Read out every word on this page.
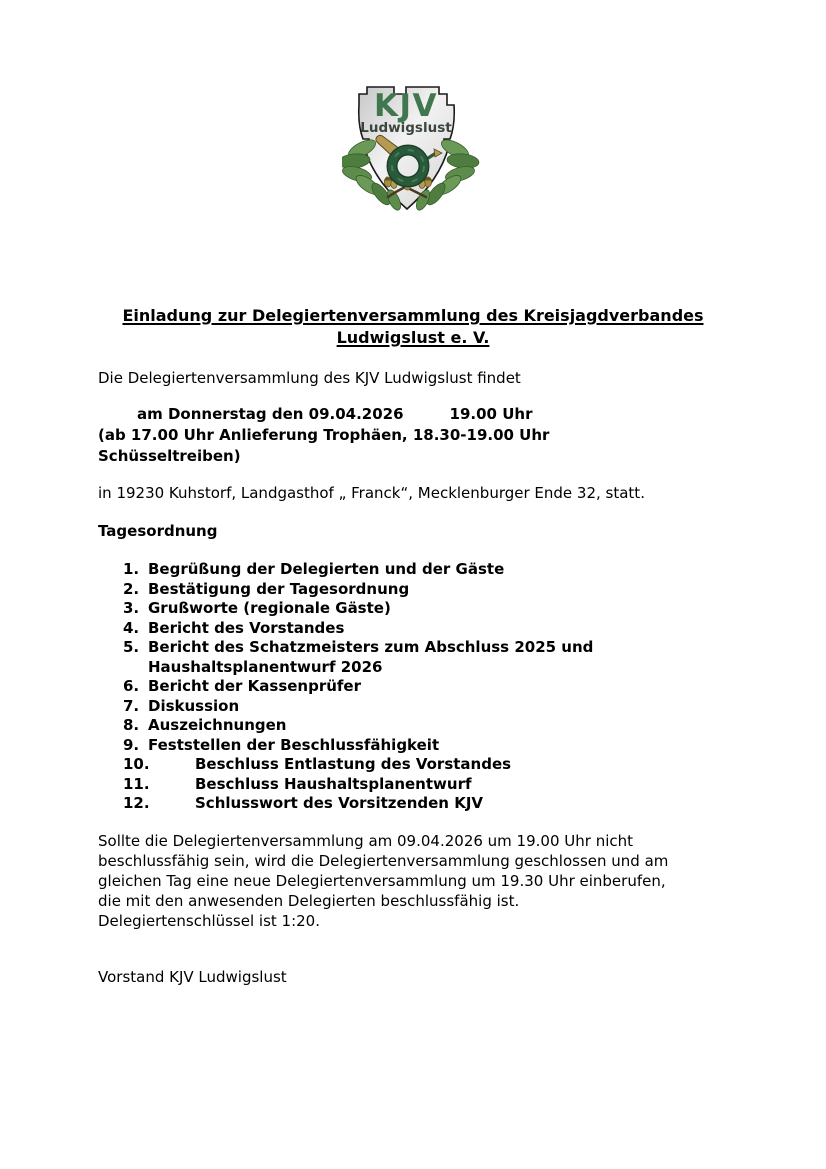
KJV
Ludwigslust
Einladung zur Delegiertenversammlung des Kreisjagdverbandes
Ludwigslust e. V.
Die Delegiertenversammlung des KJV Ludwigslust findet
am Donnerstag den 09.04.2026	19.00 Uhr
(ab 17.00 Uhr Anlieferung Trophäen, 18.30-19.00 Uhr
Schüsseltreiben)
in 19230 Kuhstorf, Landgasthof „ Franck“, Mecklenburger Ende 32, statt.
Tagesordnung
1. Begrüßung der Delegierten und der Gäste
2. Bestätigung der Tagesordnung
3. Grußworte (regionale Gäste)
4. Bericht des Vorstandes
5. Bericht des Schatzmeisters zum Abschluss 2025 und
Haushaltsplanentwurf 2026
6. Bericht der Kassenprüfer
7. Diskussion
8. Auszeichnungen
9. Feststellen der Beschlussfähigkeit
10.	Beschluss Entlastung des Vorstandes
11.	Beschluss Haushaltsplanentwurf
12.	Schlusswort des Vorsitzenden KJV
Sollte die Delegiertenversammlung am 09.04.2026 um 19.00 Uhr nicht
beschlussfähig sein, wird die Delegiertenversammlung geschlossen und am
gleichen Tag eine neue Delegiertenversammlung um 19.30 Uhr einberufen,
die mit den anwesenden Delegierten beschlussfähig ist.
Delegiertenschlüssel ist 1:20.
Vorstand KJV Ludwigslust
